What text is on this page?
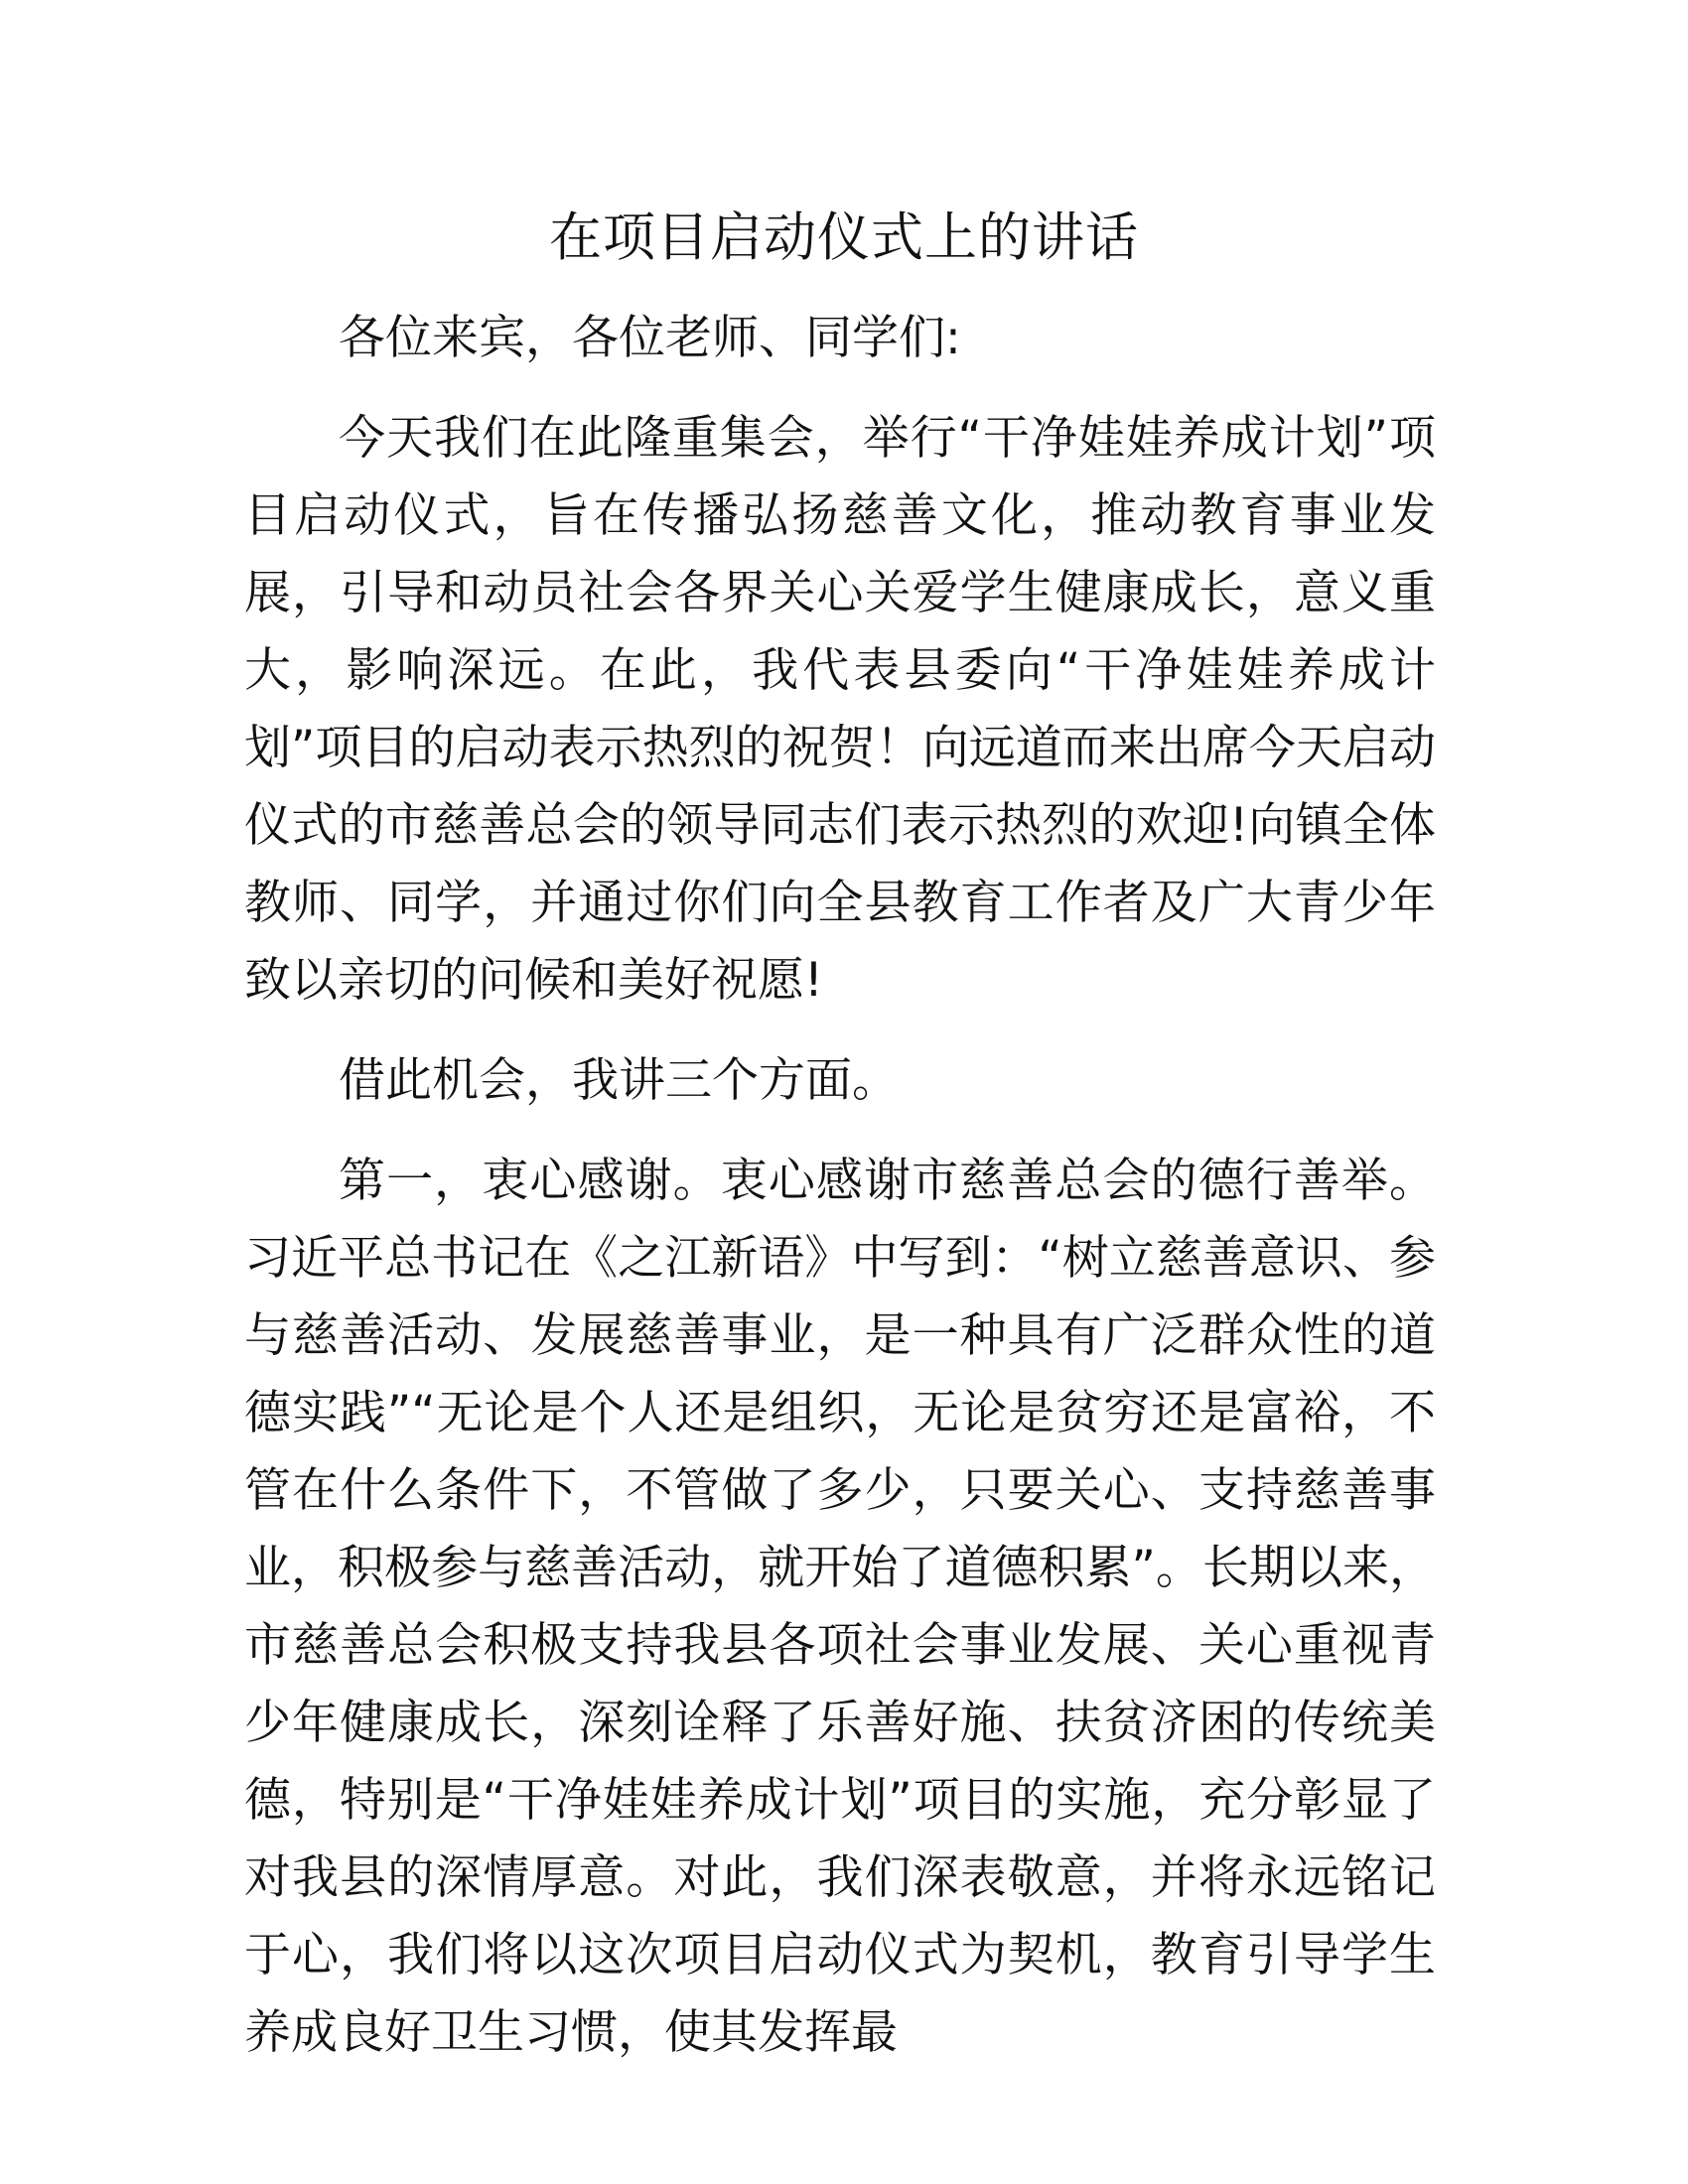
在项目启动仪式上的讲话

各位来宾，各位老师、同学们:

今天我们在此隆重集会，举行“干净娃娃养成计划”项目启动仪式，旨在传播弘扬慈善文化，推动教育事业发展，引导和动员社会各界关心关爱学生健康成长，意义重大，影响深远。在此，我代表县委向“干净娃娃养成计划”项目的启动表示热烈的祝贺！向远道而来出席今天启动仪式的市慈善总会的领导同志们表示热烈的欢迎!向镇全体教师、同学，并通过你们向全县教育工作者及广大青少年致以亲切的问候和美好祝愿!

借此机会，我讲三个方面。

第一，衷心感谢。衷心感谢市慈善总会的德行善举。习近平总书记在《之江新语》中写到：“树立慈善意识、参与慈善活动、发展慈善事业，是一种具有广泛群众性的道德实践”“无论是个人还是组织，无论是贫穷还是富裕，不管在什么条件下，不管做了多少，只要关心、支持慈善事业，积极参与慈善活动，就开始了道德积累”。长期以来，市慈善总会积极支持我县各项社会事业发展、关心重视青少年健康成长，深刻诠释了乐善好施、扶贫济困的传统美德，特别是“干净娃娃养成计划”项目的实施，充分彰显了对我县的深情厚意。对此，我们深表敬意，并将永远铭记于心，我们将以这次项目启动仪式为契机，教育引导学生养成良好卫生习惯，使其发挥最
